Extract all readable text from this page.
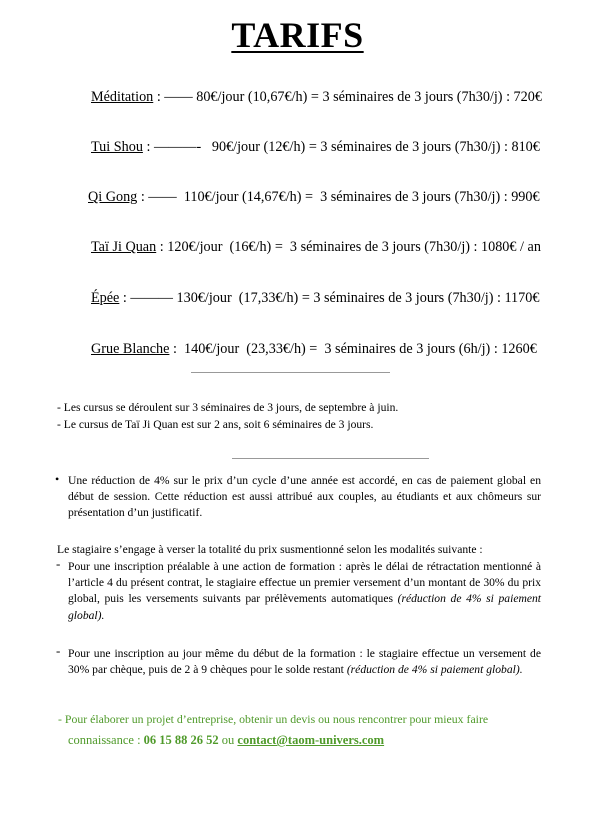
TARIFS
Méditation : —— 80€/jour (10,67€/h) = 3 séminaires de 3 jours (7h30/j) : 720€
Tui Shou : ———-   90€/jour (12€/h) = 3 séminaires de 3 jours (7h30/j) : 810€
Qi Gong : ——  110€/jour (14,67€/h) =  3 séminaires de 3 jours (7h30/j) : 990€
Taï Ji Quan : 120€/jour  (16€/h) =  3 séminaires de 3 jours (7h30/j) : 1080€ / an
Épée : ——— 130€/jour  (17,33€/h) = 3 séminaires de 3 jours (7h30/j) : 1170€
Grue Blanche :  140€/jour  (23,33€/h) =  3 séminaires de 3 jours (6h/j) : 1260€
- Les cursus se déroulent sur 3 séminaires de 3 jours, de septembre à juin.
- Le cursus de Taï Ji Quan est sur 2 ans, soit 6 séminaires de 3 jours.
• Une réduction de 4% sur le prix d’un cycle d’une année est accordé, en cas de paiement global en début de session. Cette réduction est aussi attribué aux couples, au étudiants et aux chômeurs sur présentation d’un justificatif.
Le stagiaire s’engage à verser la totalité du prix susmentionné selon les modalités suivante :
- Pour une inscription préalable à une action de formation : après le délai de rétractation mentionné à l’article 4 du présent contrat, le stagiaire effectue un premier versement d’un montant de 30% du prix global, puis les versements suivants par prélèvements automatiques (réduction de 4% si paiement global).
- Pour une inscription au jour même du début de la formation : le stagiaire effectue un versement de 30% par chèque, puis de 2 à 9 chèques pour le solde restant (réduction de 4% si paiement global).
- Pour élaborer un projet d’entreprise, obtenir un devis ou nous rencontrer pour mieux faire
connaissance : 06 15 88 26 52 ou contact@taom-univers.com
